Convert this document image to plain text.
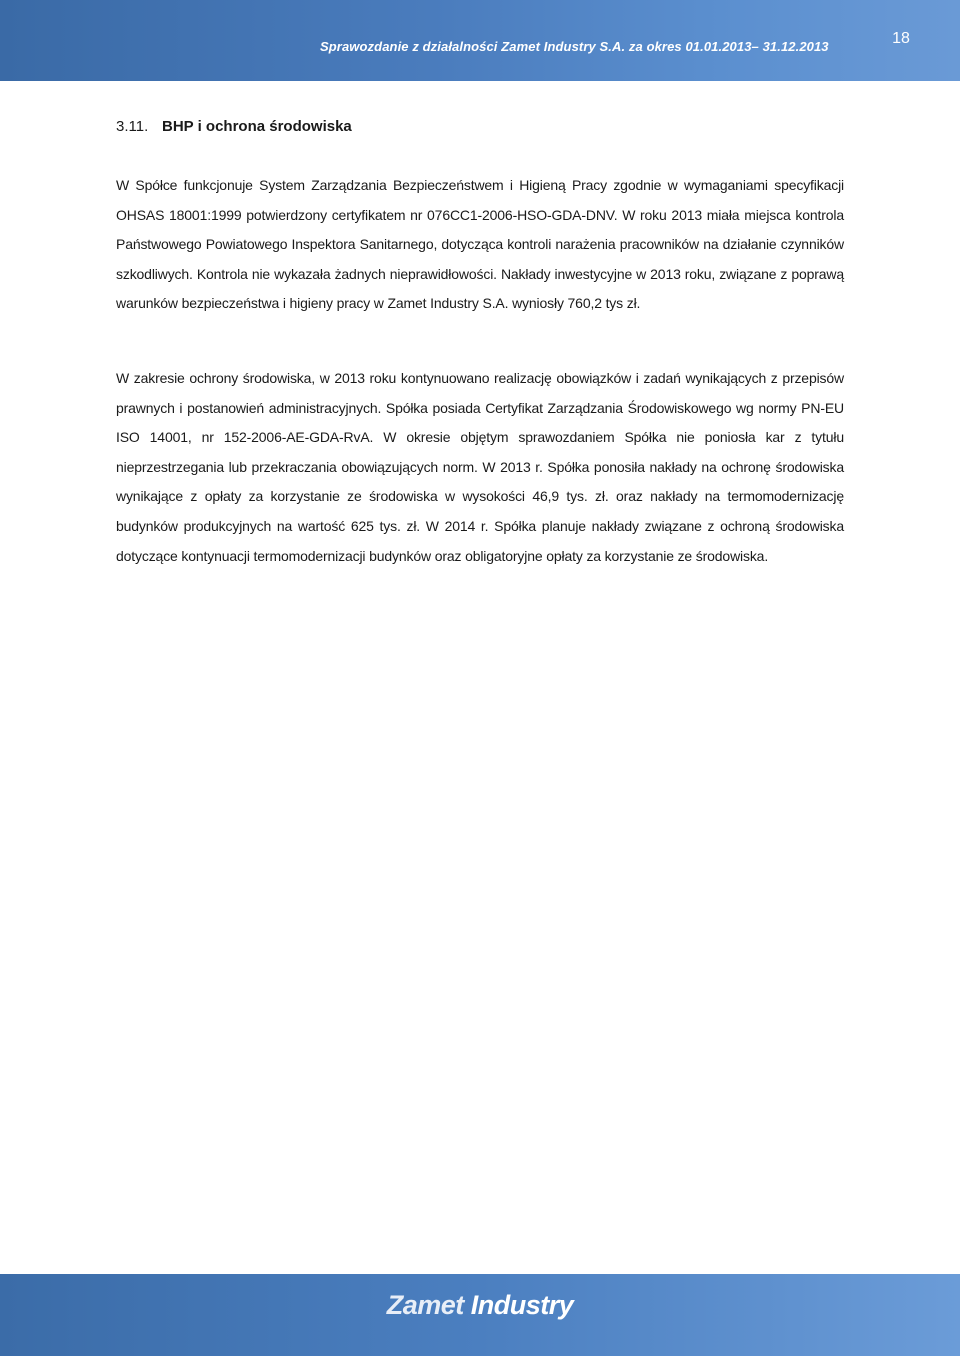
Sprawozdanie z działalności Zamet Industry S.A. za okres 01.01.2013– 31.12.2013	18
3.11. BHP i ochrona środowiska

W Spółce funkcjonuje System Zarządzania Bezpieczeństwem i Higieną Pracy zgodnie w wymaganiami specyfikacji OHSAS 18001:1999 potwierdzony certyfikatem nr 076CC1-2006-HSO-GDA-DNV. W roku 2013 miała miejsca kontrola Państwowego Powiatowego Inspektora Sanitarnego, dotycząca kontroli narażenia pracowników na działanie czynników szkodliwych. Kontrola nie wykazała żadnych nieprawidłowości. Nakłady inwestycyjne w 2013 roku, związane z poprawą warunków bezpieczeństwa i higieny pracy w Zamet Industry S.A. wyniosły 760,2 tys zł.

W zakresie ochrony środowiska, w 2013 roku kontynuowano realizację obowiązków i zadań wynikających z przepisów prawnych i postanowień administracyjnych. Spółka posiada Certyfikat Zarządzania Środowiskowego wg normy PN-EU ISO 14001, nr 152-2006-AE-GDA-RvA. W okresie objętym sprawozdaniem Spółka nie poniosła kar z tytułu nieprzestrzegania lub przekraczania obowiązujących norm. W 2013 r. Spółka ponosiła nakłady na ochronę środowiska wynikające z opłaty za korzystanie ze środowiska w wysokości 46,9 tys. zł. oraz nakłady na termomodernizację budynków produkcyjnych na wartość 625 tys. zł. W 2014 r. Spółka planuje nakłady związane z ochroną środowiska dotyczące kontynuacji termomodernizacji budynków oraz obligatoryjne opłaty za korzystanie ze środowiska.

Zamet Industry
